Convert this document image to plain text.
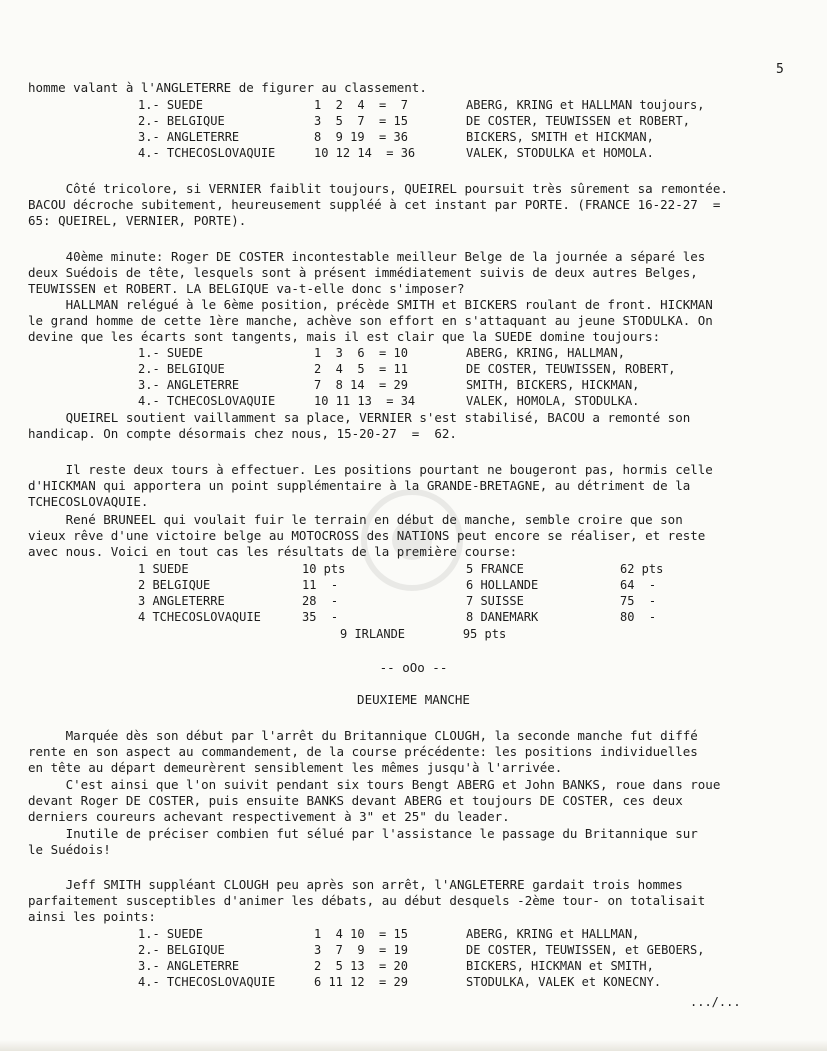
5
homme valant à l'ANGLETERRE de figurer au classement.
1.- SUEDE	1  2  4  =  7	ABERG, KRING et HALLMAN toujours,
2.- BELGIQUE	3  5  7  = 15	DE COSTER, TEUWISSEN et ROBERT,
3.- ANGLETERRE	8  9 19  = 36	BICKERS, SMITH et HICKMAN,
4.- TCHECOSLOVAQUIE	10 12 14  = 36	VALEK, STODULKA et HOMOLA.
Côté tricolore, si VERNIER faiblit toujours, QUEIREL poursuit très sûrement sa remontée.
BACOU décroche subitement, heureusement suppléé à cet instant par PORTE. (FRANCE 16-22-27  =
65: QUEIREL, VERNIER, PORTE).
40ème minute: Roger DE COSTER incontestable meilleur Belge de la journée a séparé les
deux Suédois de tête, lesquels sont à présent immédiatement suivis de deux autres Belges,
TEUWISSEN et ROBERT. LA BELGIQUE va-t-elle donc s'imposer?
HALLMAN relégué à le 6ème position, précède SMITH et BICKERS roulant de front. HICKMAN
le grand homme de cette 1ère manche, achève son effort en s'attaquant au jeune STODULKA. On
devine que les écarts sont tangents, mais il est clair que la SUEDE domine toujours:
1.- SUEDE	1  3  6  = 10	ABERG, KRING, HALLMAN,
2.- BELGIQUE	2  4  5  = 11	DE COSTER, TEUWISSEN, ROBERT,
3.- ANGLETERRE	7  8 14  = 29	SMITH, BICKERS, HICKMAN,
4.- TCHECOSLOVAQUIE	10 11 13  = 34	VALEK, HOMOLA, STODULKA.
QUEIREL soutient vaillamment sa place, VERNIER s'est stabilisé, BACOU a remonté son
handicap. On compte désormais chez nous, 15-20-27  =  62.
Il reste deux tours à effectuer. Les positions pourtant ne bougeront pas, hormis celle
d'HICKMAN qui apportera un point supplémentaire à la GRANDE-BRETAGNE, au détriment de la
TCHECOSLOVAQUIE.
René BRUNEEL qui voulait fuir le terrain en début de manche, semble croire que son
vieux rêve d'une victoire belge au MOTOCROSS des NATIONS peut encore se réaliser, et reste
avec nous. Voici en tout cas les résultats de la première course:
1 SUEDE	10 pts	5 FRANCE	62 pts
2 BELGIQUE	11  -	6 HOLLANDE	64  -
3 ANGLETERRE	28  -	7 SUISSE	75  -
4 TCHECOSLOVAQUIE	35  -	8 DANEMARK	80  -
9 IRLANDE        95 pts
-- oOo --
DEUXIEME MANCHE
Marquée dès son début par l'arrêt du Britannique CLOUGH, la seconde manche fut diffé
rente en son aspect au commandement, de la course précédente: les positions individuelles
en tête au départ demeurèrent sensiblement les mêmes jusqu'à l'arrivée.
C'est ainsi que l'on suivit pendant six tours Bengt ABERG et John BANKS, roue dans roue
devant Roger DE COSTER, puis ensuite BANKS devant ABERG et toujours DE COSTER, ces deux
derniers coureurs achevant respectivement à 3" et 25" du leader.
Inutile de préciser combien fut sélué par l'assistance le passage du Britannique sur
le Suédois!
Jeff SMITH suppléant CLOUGH peu après son arrêt, l'ANGLETERRE gardait trois hommes
parfaitement susceptibles d'animer les débats, au début desquels -2ème tour- on totalisait
ainsi les points:
1.- SUEDE	1  4 10  = 15	ABERG, KRING et HALLMAN,
2.- BELGIQUE	3  7  9  = 19	DE COSTER, TEUWISSEN, et GEBOERS,
3.- ANGLETERRE	2  5 13  = 20	BICKERS, HICKMAN et SMITH,
4.- TCHECOSLOVAQUIE	6 11 12  = 29	STODULKA, VALEK et KONECNY.
.../...
